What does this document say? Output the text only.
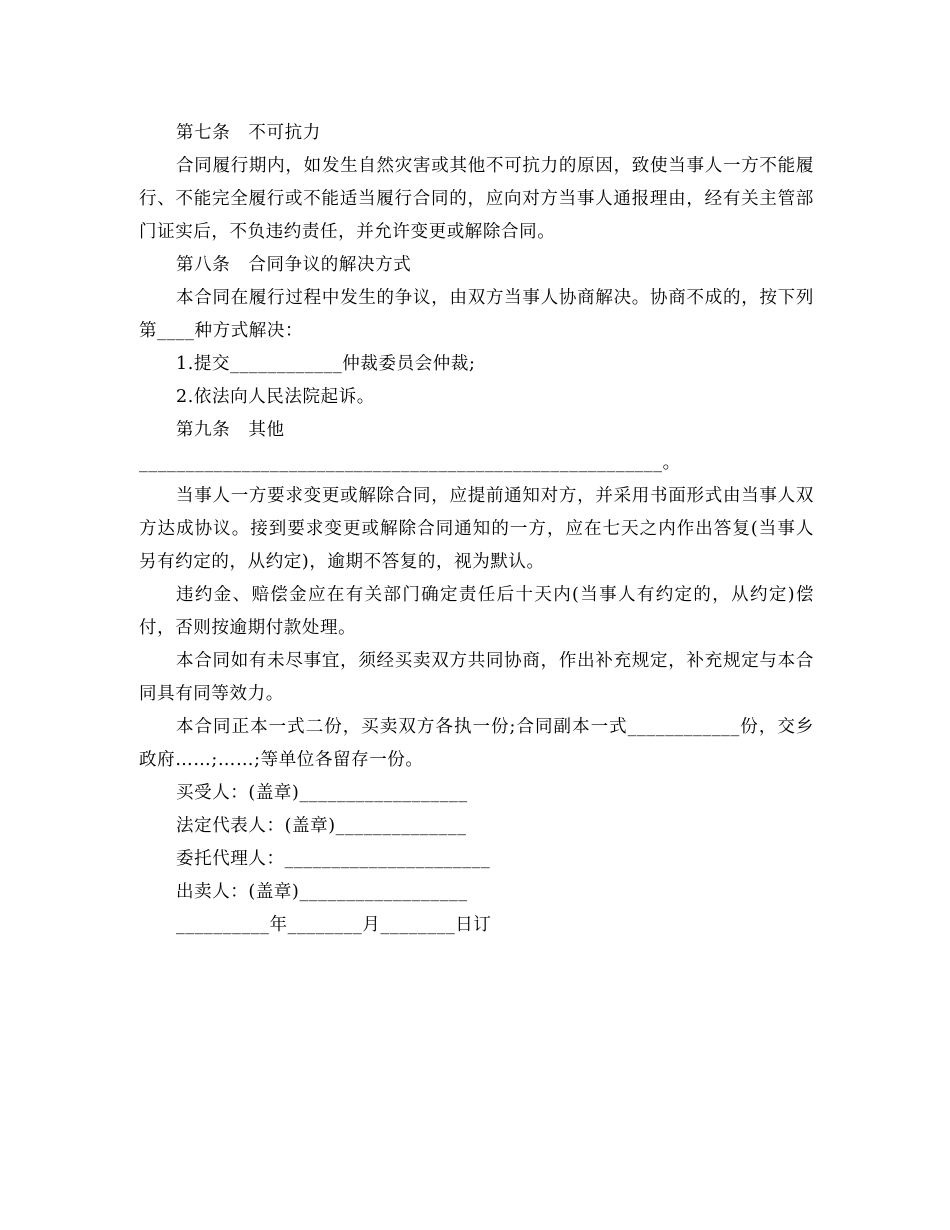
第七条　不可抗力

合同履行期内，如发生自然灾害或其他不可抗力的原因，致使当事人一方不能履行、不能完全履行或不能适当履行合同的，应向对方当事人通报理由，经有关主管部门证实后，不负违约责任，并允许变更或解除合同。

第八条　合同争议的解决方式

本合同在履行过程中发生的争议，由双方当事人协商解决。协商不成的，按下列第____种方式解决：

1.提交____________仲裁委员会仲裁;

2.依法向人民法院起诉。

第九条　其他________________________________________________________。

当事人一方要求变更或解除合同，应提前通知对方，并采用书面形式由当事人双方达成协议。接到要求变更或解除合同通知的一方，应在七天之内作出答复(当事人另有约定的，从约定)，逾期不答复的，视为默认。

违约金、赔偿金应在有关部门确定责任后十天内(当事人有约定的，从约定)偿付，否则按逾期付款处理。

本合同如有未尽事宜，须经买卖双方共同协商，作出补充规定，补充规定与本合同具有同等效力。

本合同正本一式二份，买卖双方各执一份;合同副本一式____________份，交乡政府……;……;等单位各留存一份。

买受人：(盖章)__________________

法定代表人：(盖章)______________

委托代理人：______________________

出卖人：(盖章)__________________

__________年________月________日订
